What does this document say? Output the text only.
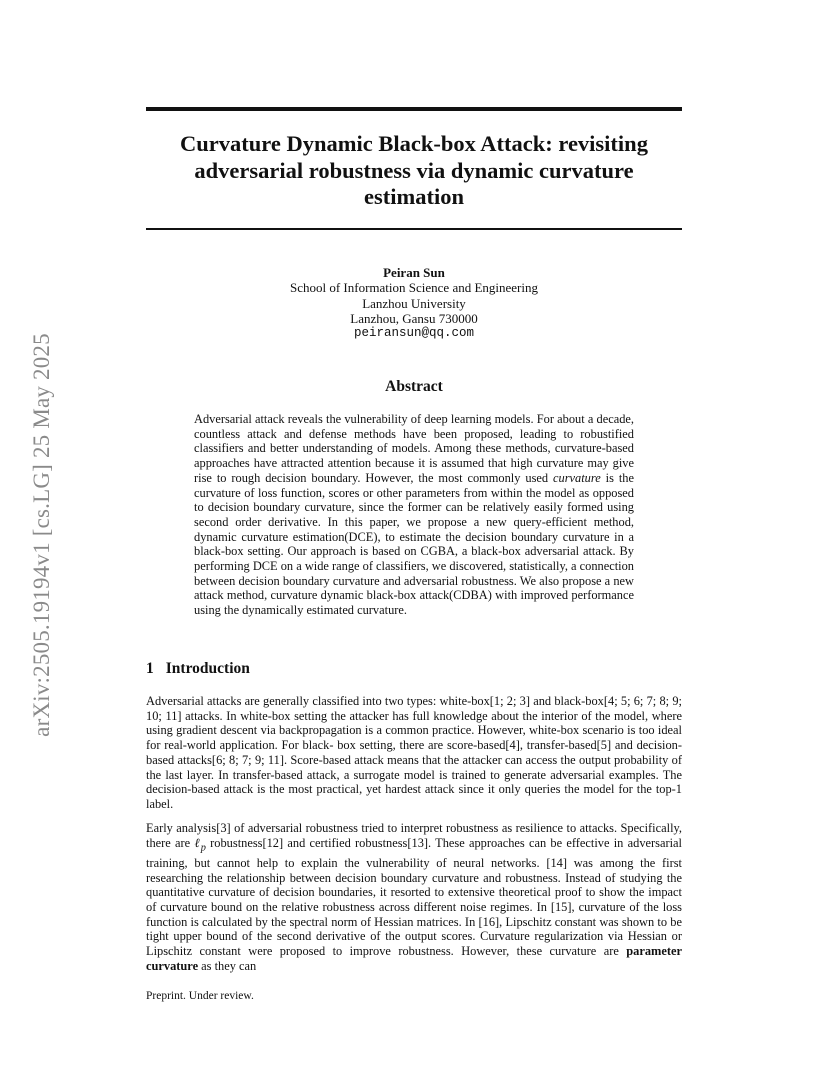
arXiv:2505.19194v1 [cs.LG] 25 May 2025
Curvature Dynamic Black-box Attack: revisiting
adversarial robustness via dynamic curvature
estimation
Peiran Sun
School of Information Science and Engineering
Lanzhou University
Lanzhou, Gansu 730000
peiransun@qq.com
Abstract

Adversarial attack reveals the vulnerability of deep learning models. For about a decade, countless attack and defense methods have been proposed, leading to robustified classifiers and better understanding of models. Among these methods, curvature-based approaches have attracted attention because it is assumed that high curvature may give rise to rough decision boundary. However, the most commonly used curvature is the curvature of loss function, scores or other parameters from within the model as opposed to decision boundary curvature, since the former can be relatively easily formed using second order derivative. In this paper, we propose a new query-efficient method, dynamic curvature estimation(DCE), to estimate the decision boundary curvature in a black-box setting. Our approach is based on CGBA, a black-box adversarial attack. By performing DCE on a wide range of classifiers, we discovered, statistically, a connection between decision boundary curvature and adversarial robustness. We also propose a new attack method, curvature dynamic black-box attack(CDBA) with improved performance using the dynamically estimated curvature.

1 Introduction

Adversarial attacks are generally classified into two types: white-box[1; 2; 3] and black-box[4; 5; 6; 7; 8; 9; 10; 11] attacks. In white-box setting the attacker has full knowledge about the interior of the model, where using gradient descent via backpropagation is a common practice. However, white-box scenario is too ideal for real-world application. For black- box setting, there are score-based[4], transfer-based[5] and decision-based attacks[6; 8; 7; 9; 11]. Score-based attack means that the attacker can access the output probability of the last layer. In transfer-based attack, a surrogate model is trained to generate adversarial examples. The decision-based attack is the most practical, yet hardest attack since it only queries the model for the top-1 label.

Early analysis[3] of adversarial robustness tried to interpret robustness as resilience to attacks. Specifically, there are ℓ$_p$ robustness[12] and certified robustness[13]. These approaches can be effective in adversarial training, but cannot help to explain the vulnerability of neural networks. [14] was among the first researching the relationship between decision boundary curvature and robustness. Instead of studying the quantitative curvature of decision boundaries, it resorted to extensive theoretical proof to show the impact of curvature bound on the relative robustness across different noise regimes. In [15], curvature of the loss function is calculated by the spectral norm of Hessian matrices. In [16], Lipschitz constant was shown to be tight upper bound of the second derivative of the output scores. Curvature regularization via Hessian or Lipschitz constant were proposed to improve robustness. However, these curvature are parameter curvature as they can

Preprint. Under review.
